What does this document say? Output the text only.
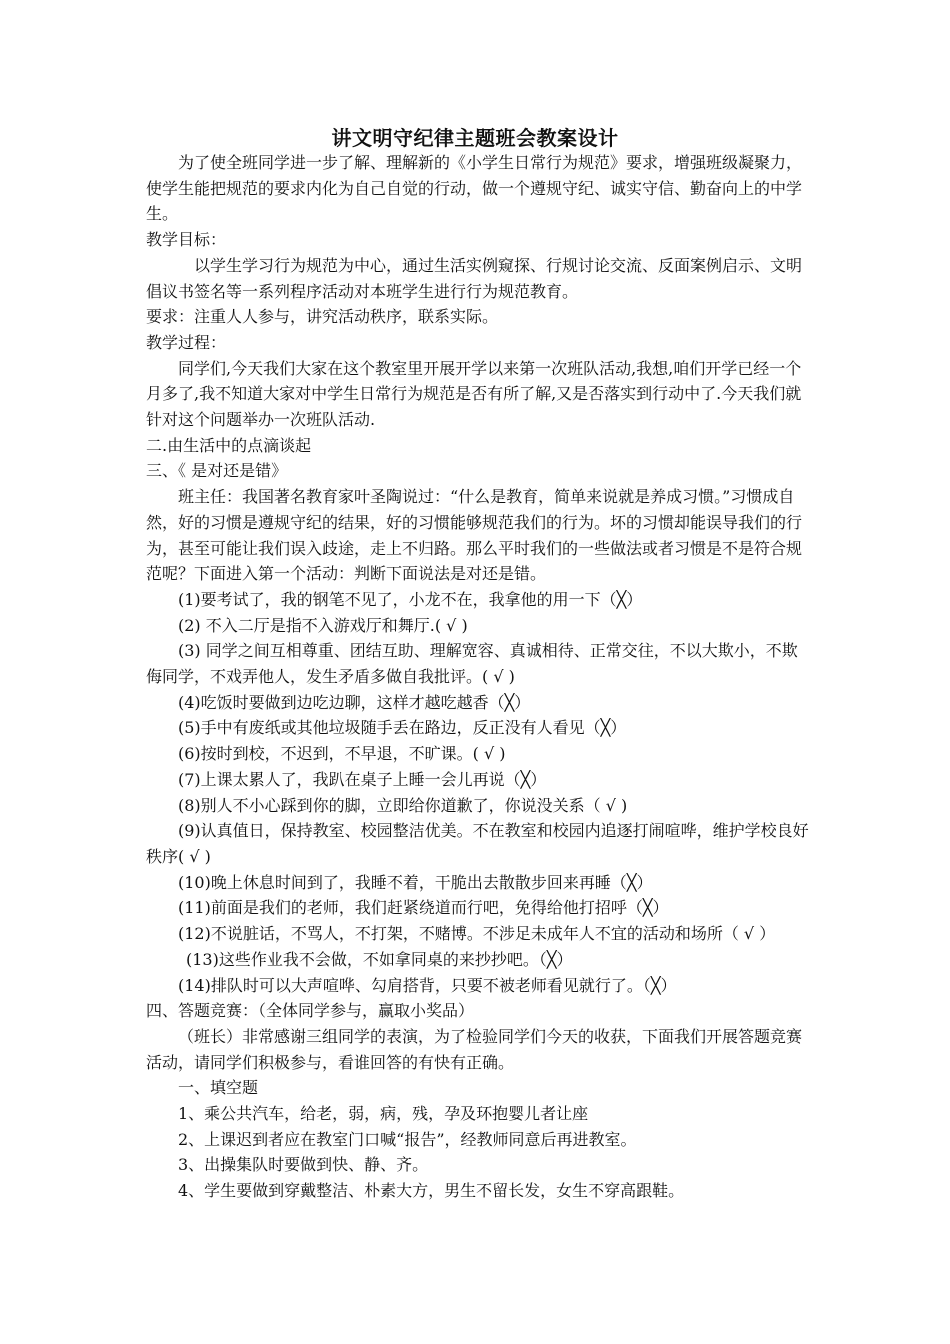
讲文明守纪律主题班会教案设计

为了使全班同学进一步了解、理解新的《小学生日常行为规范》要求，增强班级凝聚力，使学生能把规范的要求内化为自己自觉的行动，做一个遵规守纪、诚实守信、勤奋向上的中学生。

教学目标：

以学生学习行为规范为中心，通过生活实例窥探、行规讨论交流、反面案例启示、文明倡议书签名等一系列程序活动对本班学生进行行为规范教育。

要求：注重人人参与，讲究活动秩序，联系实际。

教学过程：

同学们,今天我们大家在这个教室里开展开学以来第一次班队活动,我想,咱们开学已经一个月多了,我不知道大家对中学生日常行为规范是否有所了解,又是否落实到行动中了.今天我们就针对这个问题举办一次班队活动.

二.由生活中的点滴谈起

三、《 是对还是错》

班主任：我国著名教育家叶圣陶说过：“什么是教育，简单来说就是养成习惯。”习惯成自然，好的习惯是遵规守纪的结果，好的习惯能够规范我们的行为。坏的习惯却能误导我们的行为，甚至可能让我们误入歧途，走上不归路。那么平时我们的一些做法或者习惯是不是符合规范呢？下面进入第一个活动：判断下面说法是对还是错。

(1)要考试了，我的钢笔不见了，小龙不在，我拿他的用一下（╳）

(2) 不入二厅是指不入游戏厅和舞厅.( √ )

(3) 同学之间互相尊重、团结互助、理解宽容、真诚相待、正常交往，不以大欺小，不欺侮同学，不戏弄他人，发生矛盾多做自我批评。( √ )

(4)吃饭时要做到边吃边聊，这样才越吃越香（╳）

(5)手中有废纸或其他垃圾随手丢在路边，反正没有人看见（╳）

(6)按时到校，不迟到，不早退，不旷课。( √ )

(7)上课太累人了，我趴在桌子上睡一会儿再说（╳）

(8)别人不小心踩到你的脚，立即给你道歉了，你说没关系（ √ )

(9)认真值日，保持教室、校园整洁优美。不在教室和校园内追逐打闹喧哗，维护学校良好秩序( √ )

(10)晚上休息时间到了，我睡不着，干脆出去散散步回来再睡（╳）

(11)前面是我们的老师，我们赶紧绕道而行吧，免得给他打招呼（╳）

(12)不说脏话，不骂人，不打架，不赌博。不涉足未成年人不宜的活动和场所（ √ ）

(13)这些作业我不会做，不如拿同桌的来抄抄吧。（╳）

(14)排队时可以大声喧哗、勾肩搭背，只要不被老师看见就行了。（╳）

四、答题竞赛：（全体同学参与，赢取小奖品）

（班长）非常感谢三组同学的表演，为了检验同学们今天的收获，下面我们开展答题竞赛活动，请同学们积极参与，看谁回答的有快有正确。

一、填空题

1、乘公共汽车，给老，弱，病，残，孕及环抱婴儿者让座

2、上课迟到者应在教室门口喊“报告”，经教师同意后再进教室。

3、出操集队时要做到快、静、齐。

4、学生要做到穿戴整洁、朴素大方，男生不留长发，女生不穿高跟鞋。
